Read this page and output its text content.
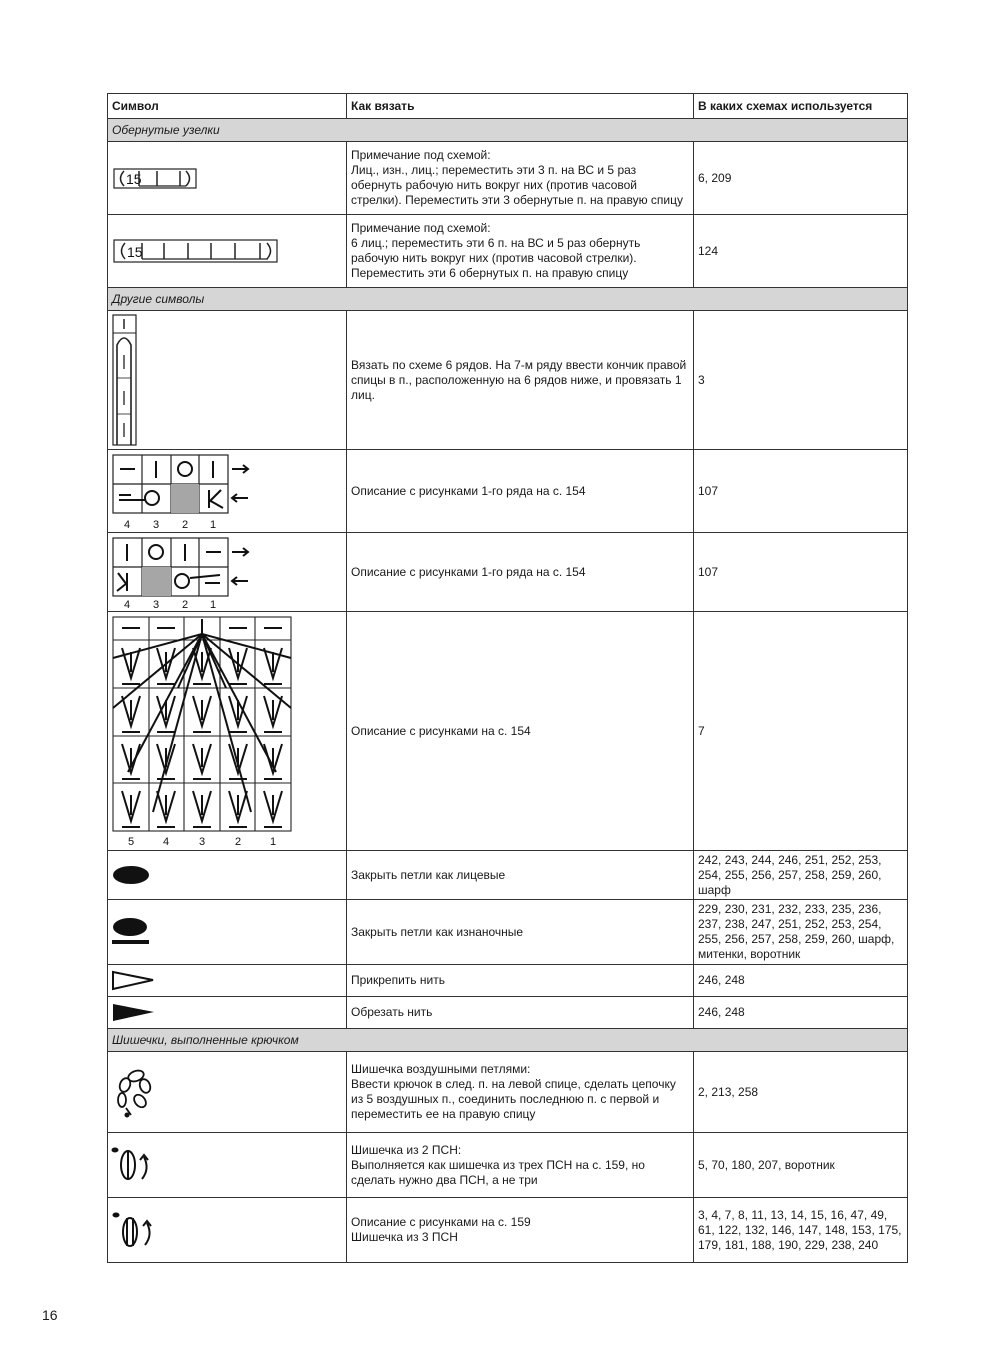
Символ	Как вязать	В каких схемах используется
Обернутые узелки		

15	Примечание под схемой:
Лиц., изн., лиц.; переместить эти 3 п. на ВС и 5 раз обернуть рабочую нить вокруг них (против часовой стрелки). Переместить эти 3 обернутые п. на правую спицу	6, 209

15	Примечание под схемой:
6 лиц.; переместить эти 6 п. на ВС и 5 раз обернуть рабочую нить вокруг них (против часовой стрелки). Переместить эти 6 обернутых п. на правую спицу	124
Другие символы		

	Вязать по схеме 6 рядов. На 7-м ряду ввести кончик правой спицы в п., расположенную на 6 рядов ниже, и провязать 1 лиц.	3

4 3 2 1	Описание с рисунками 1-го ряда на с. 154	107

4 3 2 1	Описание с рисунками 1-го ряда на с. 154	107

5 4 3 2 1	Описание с рисунками на с. 154	7

	Закрыть петли как лицевые	242, 243, 244, 246, 251, 252, 253, 254, 255, 256, 257, 258, 259, 260, шарф

	Закрыть петли как изнаночные	229, 230, 231, 232, 233, 235, 236, 237, 238, 247, 251, 252, 253, 254, 255, 256, 257, 258, 259, 260, шарф, митенки, воротник

	Прикрепить нить	246, 248

	Обрезать нить	246, 248
Шишечки, выполненные крючком		

	Шишечка воздушными петлями:
Ввести крючок в след. п. на левой спице, сделать цепочку из 5 воздушных п., соединить последнюю п. с первой и переместить ее на правую спицу	2, 213, 258

	Шишечка из 2 ПСН:
Выполняется как шишечка из трех ПСН на с. 159, но сделать нужно два ПСН, а не три	5, 70, 180, 207, воротник

	Описание с рисунками на с. 159
Шишечка из 3 ПСН	3, 4, 7, 8, 11, 13, 14, 15, 16, 47, 49, 61, 122, 132, 146, 147, 148, 153, 175, 179, 181, 188, 190, 229, 238, 240
16
